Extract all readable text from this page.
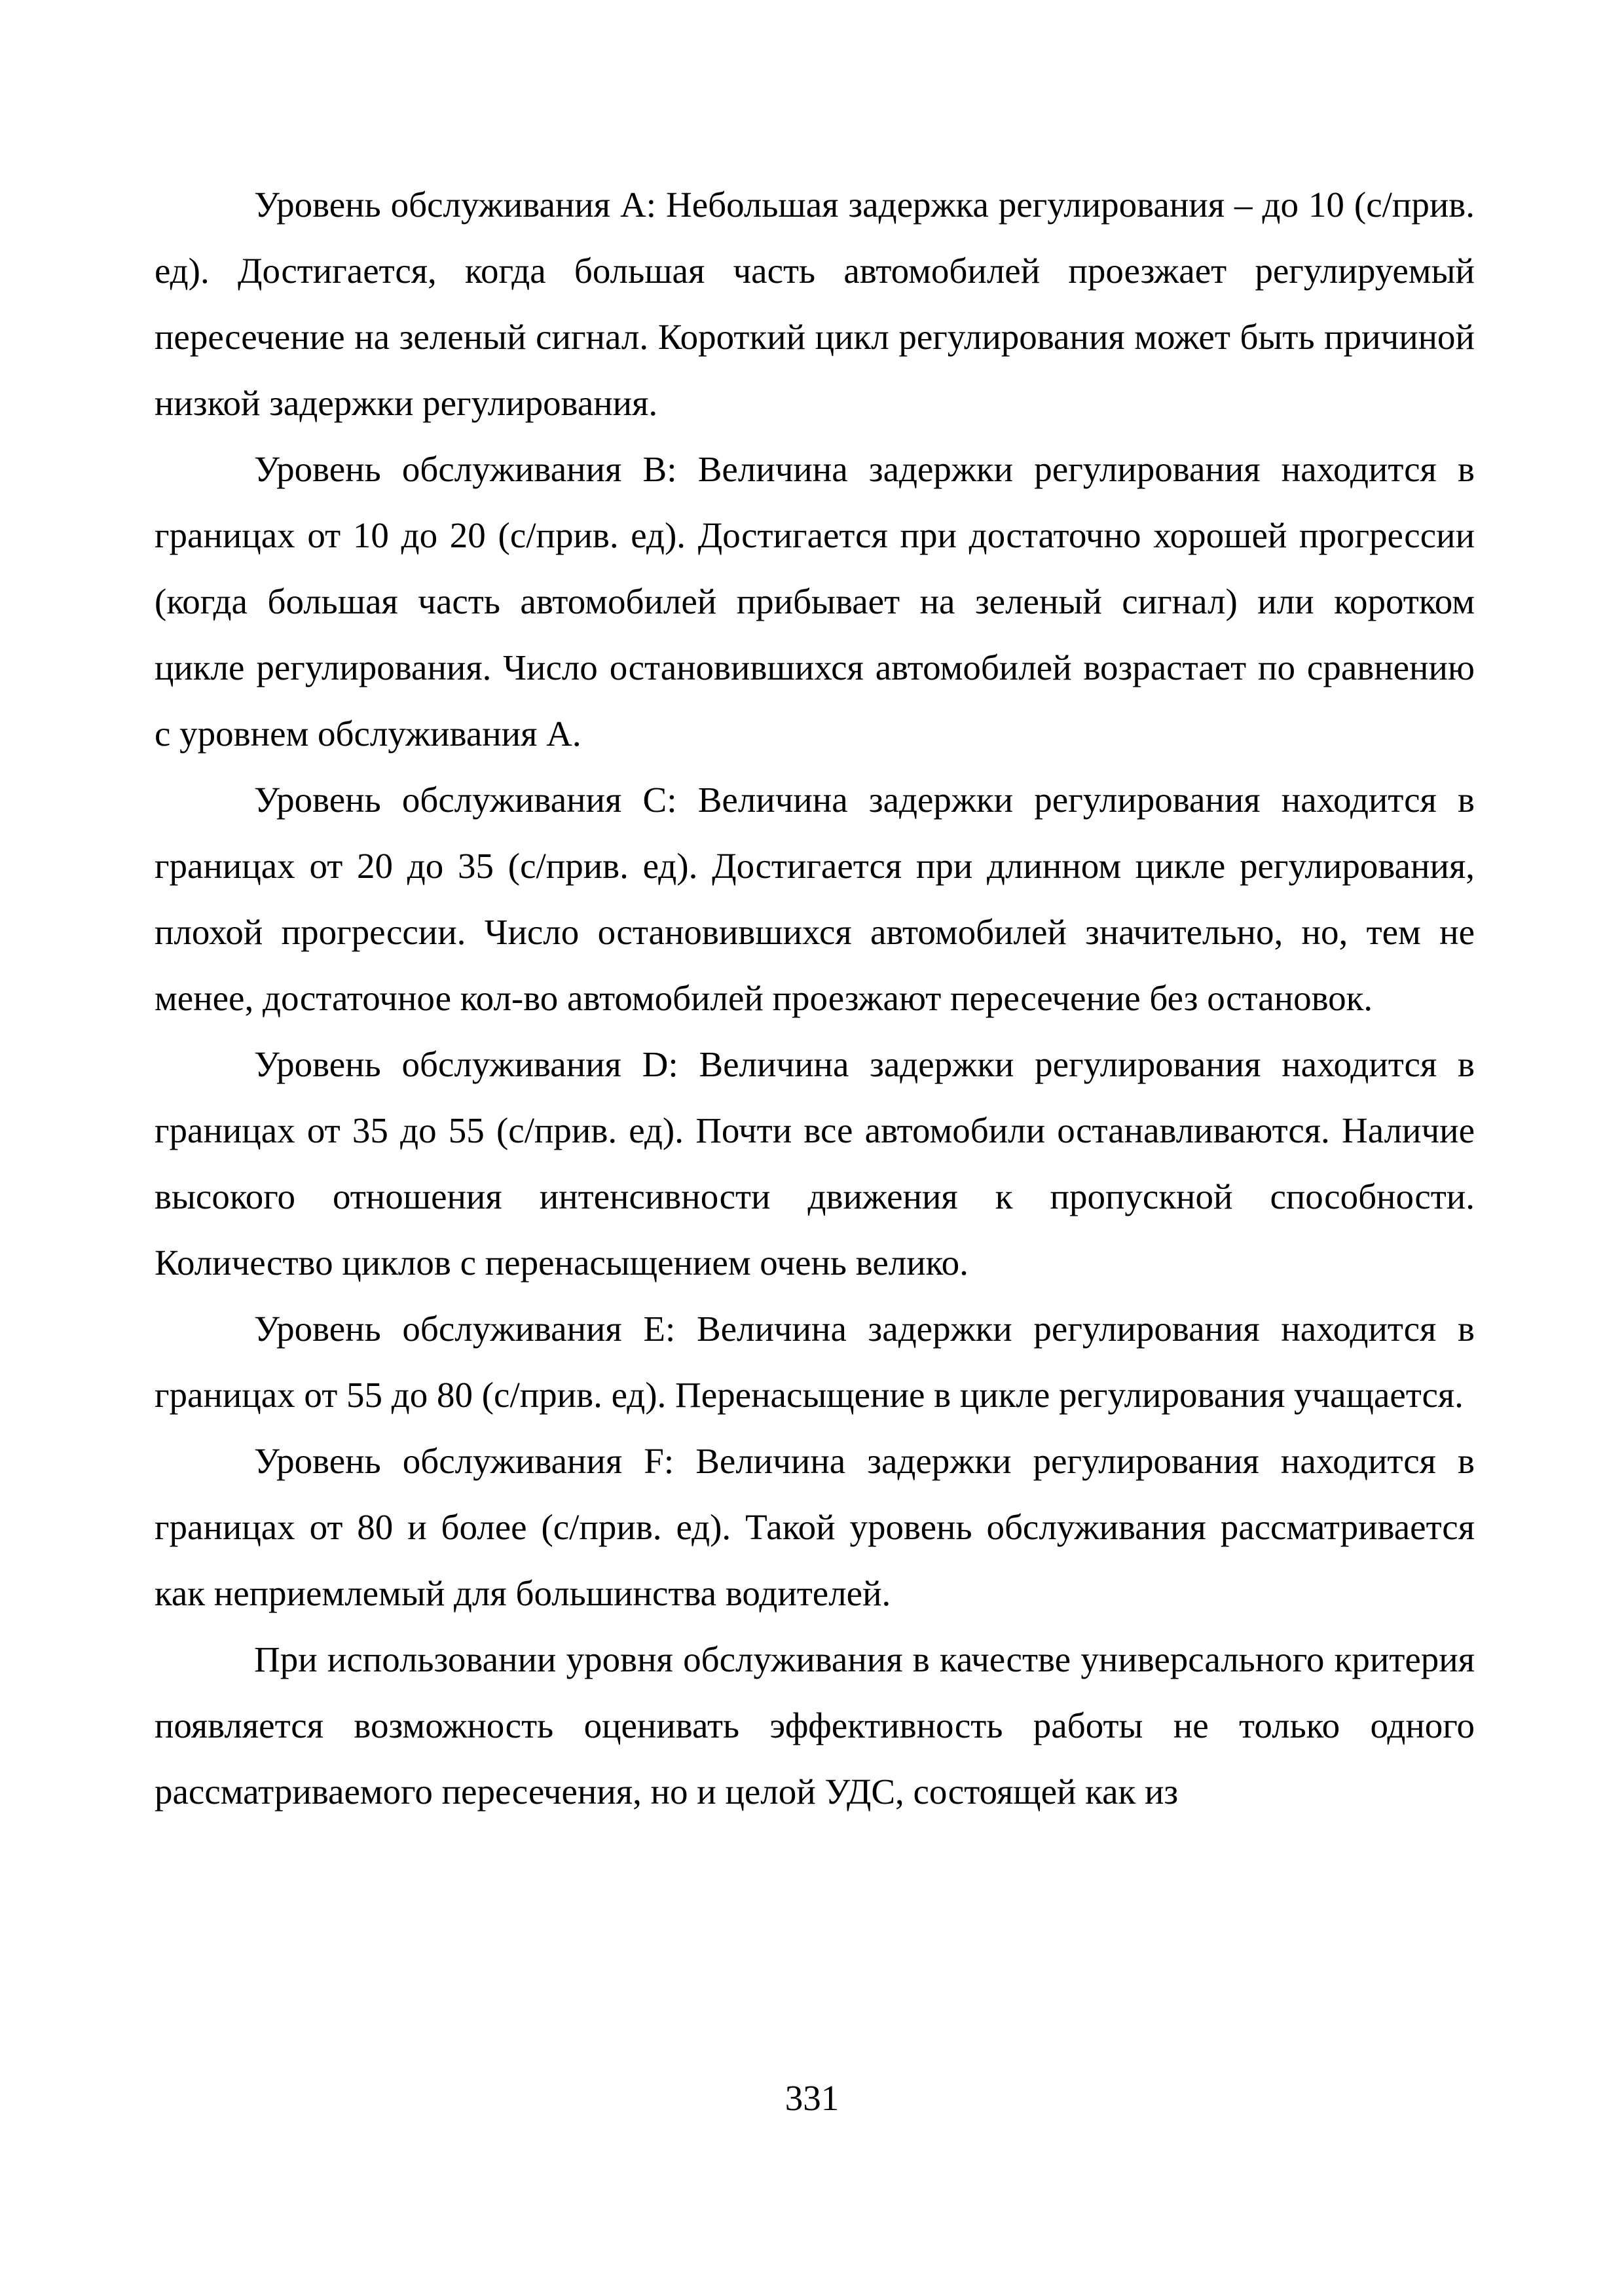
Уровень обслуживания А: Небольшая задержка регулирования – до 10 (с/прив. ед). Достигается, когда большая часть автомобилей проезжает регулируемый пересечение на зеленый сигнал. Короткий цикл регулирования может быть причиной низкой задержки регулирования.

Уровень обслуживания В: Величина задержки регулирования находится в границах от 10 до 20 (с/прив. ед). Достигается при достаточно хорошей прогрессии (когда большая часть автомобилей прибывает на зеленый сигнал) или коротком цикле регулирования. Число остановившихся автомобилей возрастает по сравнению с уровнем обслуживания А.

Уровень обслуживания С: Величина задержки регулирования находится в границах от 20 до 35 (с/прив. ед). Достигается при длинном цикле регулирования, плохой прогрессии. Число остановившихся автомобилей значительно, но, тем не менее, достаточное кол-во автомобилей проезжают пересечение без остановок.

Уровень обслуживания D: Величина задержки регулирования находится в границах от 35 до 55 (с/прив. ед). Почти все автомобили останавливаются. Наличие высокого отношения интенсивности движения к пропускной способности. Количество циклов с перенасыщением очень велико.

Уровень обслуживания Е: Величина задержки регулирования находится в границах от 55 до 80 (с/прив. ед). Перенасыщение в цикле регулирования учащается.

Уровень обслуживания F: Величина задержки регулирования находится в границах от 80 и более (с/прив. ед). Такой уровень обслуживания рассматривается как неприемлемый для большинства водителей.

При использовании уровня обслуживания в качестве универсального критерия появляется возможность оценивать эффективность работы не только одного рассматриваемого пересечения, но и целой УДС, состоящей как из

331
